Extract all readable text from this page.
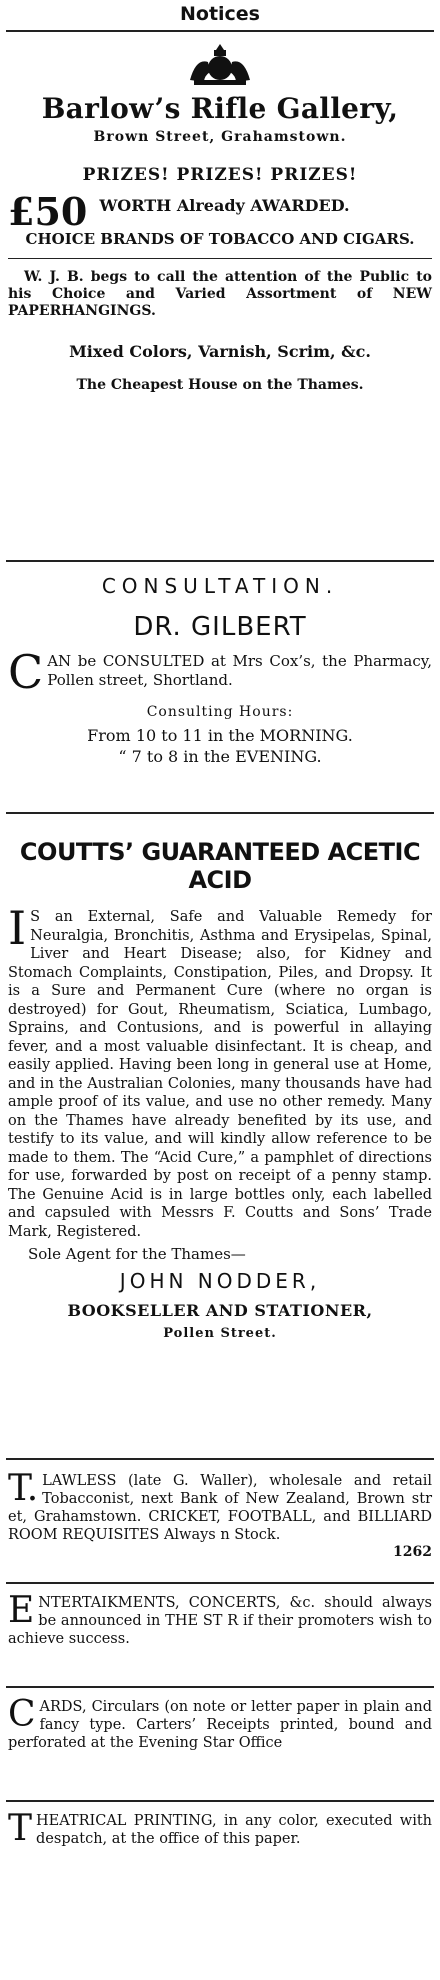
Notices
Barlow’s Rifle Gallery,
Brown Street, Grahamstown.
PRIZES! PRIZES! PRIZES!
£50 WORTH Already AWARDED.
CHOICE BRANDS OF TOBACCO AND CIGARS.
W. J. B. begs to call the attention of the Public to his Choice and Varied Assortment of NEW PAPERHANGINGS.
Mixed Colors, Varnish, Scrim, &c.
The Cheapest House on the Thames.
CONSULTATION.
DR. GILBERT
C AN be CONSULTED at Mrs Cox’s, the Pharmacy, Pollen street, Shortland.
Consulting Hours:
From 10 to 11 in the MORNING.
“ 7 to 8 in the EVENING.
COUTTS’ GUARANTEED ACETIC ACID
I S an External, Safe and Valuable Remedy for Neuralgia, Bronchitis, Asthma and Erysipelas, Spinal, Liver and Heart Disease; also, for Kidney and Stomach Complaints, Constipation, Piles, and Dropsy. It is a Sure and Permanent Cure (where no organ is destroyed) for Gout, Rheumatism, Sciatica, Lumbago, Sprains, and Contusions, and is powerful in allaying fever, and a most valuable disinfectant. It is cheap, and easily applied. Having been long in general use at Home, and in the Australian Colonies, many thousands have had ample proof of its value, and use no other remedy. Many on the Thames have already benefited by its use, and testify to its value, and will kindly allow reference to be made to them. The “Acid Cure,” a pamphlet of directions for use, forwarded by post on receipt of a penny stamp. The Genuine Acid is in large bottles only, each labelled and capsuled with Messrs F. Coutts and Sons’ Trade Mark, Registered.
Sole Agent for the Thames—
JOHN NODDER,
BOOKSELLER AND STATIONER,
Pollen Street.
T. LAWLESS (late G. Waller), wholesale and retail Tobacconist, next Bank of New Zealand, Brown str et, Grahamstown. CRICKET, FOOTBALL, and BILLIARD ROOM REQUISITES Always n Stock.
1262
E NTERTAIKMENTS, CONCERTS, &c. should always be announced in THE ST R if their promoters wish to achieve success.
C ARDS, Circulars (on note or letter paper in plain and fancy type. Carters’ Receipts printed, bound and perforated at the Evening Star Office
T HEATRICAL PRINTING, in any color, executed with despatch, at the office of this paper.
